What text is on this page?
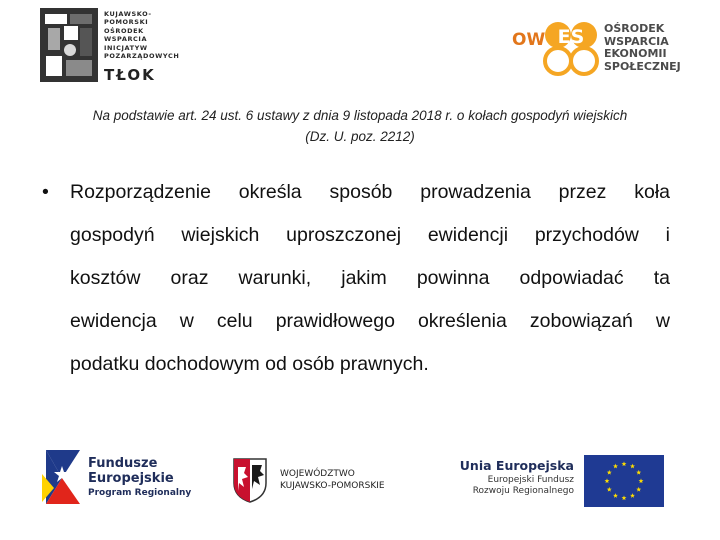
KUJAWSKO-
POMORSKI
OŚRODEK
WSPARCIA
INICJATYW
POZARZĄDOWYCH
TŁOK
OW ES OŚRODEK
WSPARCIA
EKONOMII
SPOŁECZNEJ
Na podstawie art. 24 ust. 6 ustawy z dnia 9 listopada 2018 r. o kołach gospodyń wiejskich
(Dz. U. poz. 2212)
• Rozporządzenie określa sposób prowadzenia przez koła
gospodyń wiejskich uproszczonej ewidencji przychodów i
kosztów oraz warunki, jakim powinna odpowiadać ta
ewidencja w celu prawidłowego określenia zobowiązań w
podatku dochodowym od osób prawnych.
Fundusze
Europejskie
Program Regionalny
WOJEWÓDZTWO
KUJAWSKO-POMORSKIE
Unia Europejska
Europejski Fundusz
Rozwoju Regionalnego
